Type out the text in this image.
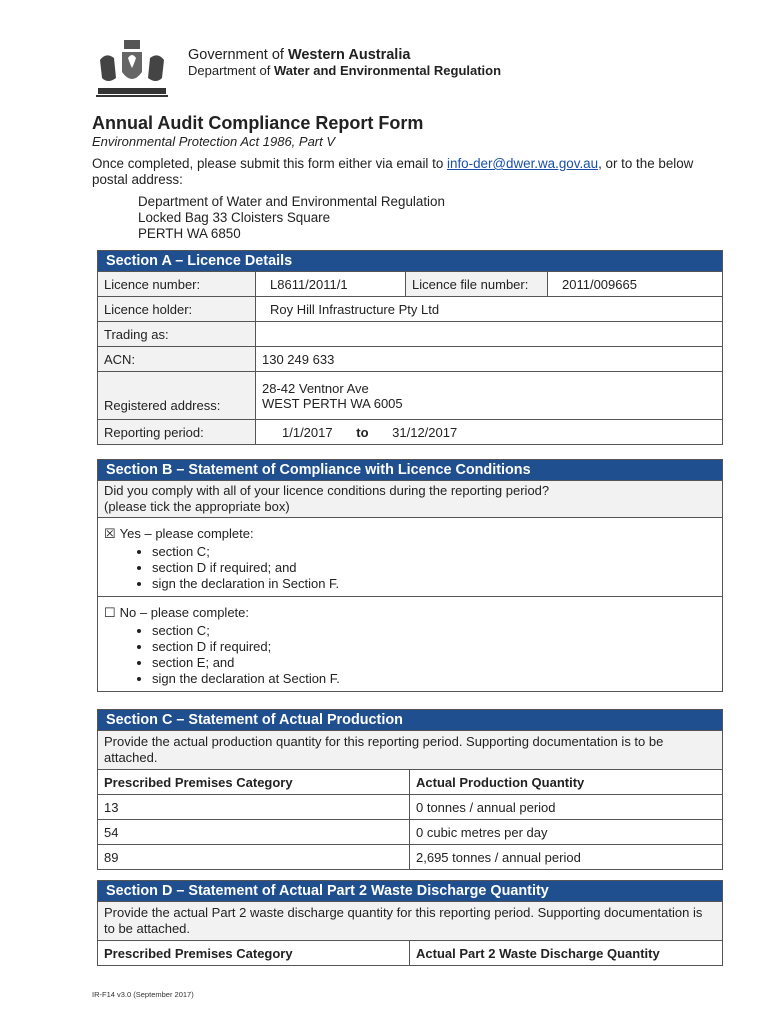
Government of Western Australia
Department of Water and Environmental Regulation
Annual Audit Compliance Report Form
Environmental Protection Act 1986, Part V
Once completed, please submit this form either via email to info-der@dwer.wa.gov.au, or to the below postal address:
Department of Water and Environmental Regulation
Locked Bag 33 Cloisters Square
PERTH WA 6850
Section A – Licence Details			
Licence number:	L8611/2011/1	Licence file number:	2011/009665
Licence holder:	Roy Hill Infrastructure Pty Ltd		
Trading as:			
ACN:	130 249 633		
Registered address:	28-42 Ventnor Ave
WEST PERTH WA 6005		

Reporting period:	1/1/2017 to 31/12/2017		
Section B – Statement of Compliance with Licence Conditions

Did you comply with all of your licence conditions during the reporting period?
(please tick the appropriate box)

☒ Yes – please complete:
• section C;
• section D if required; and
• sign the declaration in Section F.

☐ No – please complete:
• section C;
• section D if required;
• section E; and
• sign the declaration at Section F.
Section C – Statement of Actual Production	
Provide the actual production quantity for this reporting period. Supporting documentation is to be attached.	
Prescribed Premises Category	Actual Production Quantity
13	0 tonnes / annual period
54	0 cubic metres per day
89	2,695 tonnes / annual period
Section D – Statement of Actual Part 2 Waste Discharge Quantity
Provide the actual Part 2 waste discharge quantity for this reporting period. Supporting documentation is to be attached.
Prescribed Premises Category	Actual Part 2 Waste Discharge Quantity
IR-F14 v3.0 (September 2017)
